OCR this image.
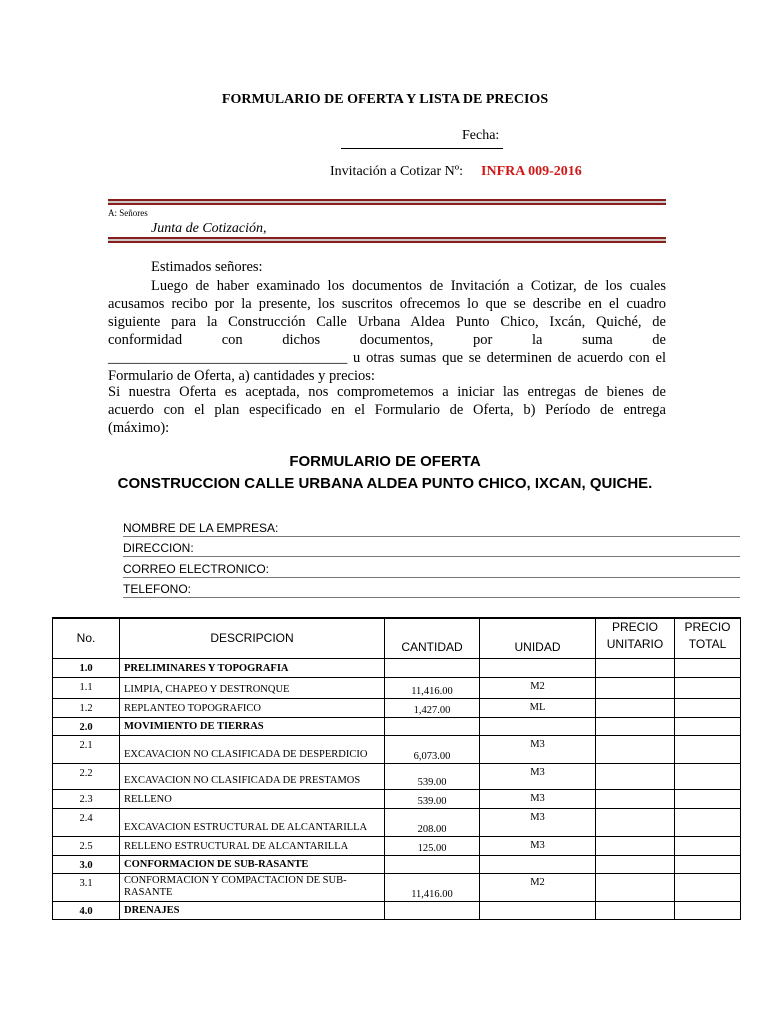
FORMULARIO DE OFERTA Y LISTA DE PRECIOS
Fecha:
Invitación a Cotizar Nº: INFRA 009-2016
A: Señores
Junta de Cotización,
Estimados señores:
Luego de haber examinado los documentos de Invitación a Cotizar, de los cuales
acusamos recibo por la presente, los suscritos ofrecemos lo que se describe en el cuadro
siguiente para la Construcción Calle Urbana Aldea Punto Chico, Ixcán, Quiché, de
conformidad con dichos documentos, por la suma de
_________________________________ u otras sumas que se determinen de acuerdo con el
Formulario de Oferta, a) cantidades y precios:
Si nuestra Oferta es aceptada, nos comprometemos a iniciar las entregas de bienes de
acuerdo con el plan especificado en el Formulario de Oferta, b) Período de entrega
(máximo):
FORMULARIO DE OFERTA
CONSTRUCCION CALLE URBANA ALDEA PUNTO CHICO, IXCAN, QUICHE.
NOMBRE DE LA EMPRESA:
DIRECCION:
CORREO ELECTRONICO:
TELEFONO:
No.	DESCRIPCION	CANTIDAD	UNIDAD	PRECIO UNITARIO	PRECIO TOTAL
1.0	PRELIMINARES Y TOPOGRAFIA				
1.1	LIMPIA, CHAPEO Y DESTRONQUE	11,416.00	M2		
1.2	REPLANTEO TOPOGRAFICO	1,427.00	ML		
2.0	MOVIMIENTO DE TIERRAS				
2.1	EXCAVACION NO CLASIFICADA DE DESPERDICIO	6,073.00	M3		
2.2	EXCAVACION NO CLASIFICADA DE PRESTAMOS	539.00	M3		
2.3	RELLENO	539.00	M3		
2.4	EXCAVACION ESTRUCTURAL DE ALCANTARILLA	208.00	M3		
2.5	RELLENO ESTRUCTURAL DE ALCANTARILLA	125.00	M3		
3.0	CONFORMACION DE SUB-RASANTE				
3.1	CONFORMACION Y COMPACTACION DE SUB-RASANTE	11,416.00	M2		
4.0	DRENAJES				
